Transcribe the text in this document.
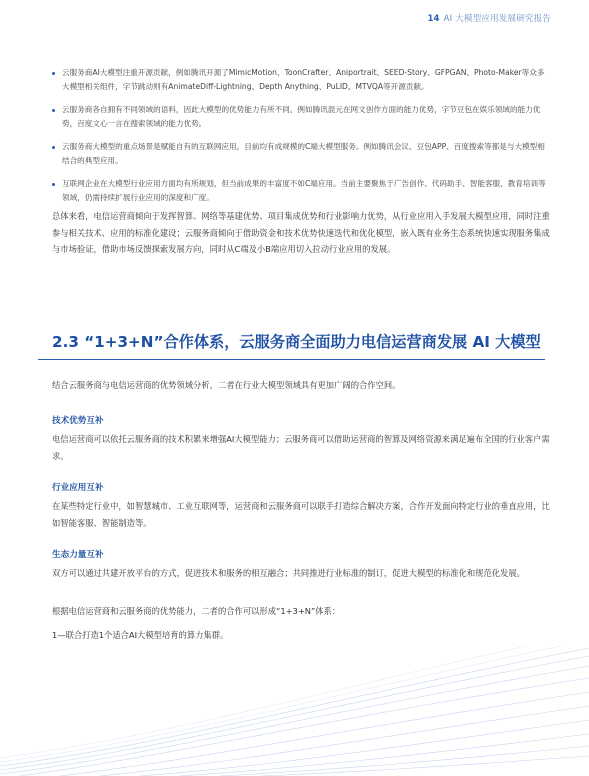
14 AI 大模型应用发展研究报告
云服务商AI大模型注重开源贡献，例如腾讯开源了MimicMotion、ToonCrafter、Aniportrait、SEED-Story、GFPGAN、Photo-Maker等众多大模型相关组件，字节跳动则有AnimateDiff-Lightning、Depth Anything、PuLID、MTVQA等开源贡献。
云服务商各自拥有不同领域的语料，因此大模型的优势能力有所不同。例如腾讯混元在网文创作方面的能力优势，字节豆包在娱乐领域的能力优势，百度文心一言在搜索领域的能力优势。
云服务商大模型的重点场景是赋能自有的互联网应用，目前均有成规模的C端大模型服务。例如腾讯会议、豆包APP、百度搜索等都是与大模型相结合的典型应用。
互联网企业在大模型行业应用方面均有所规划，但当前成果的丰富度不如C端应用。当前主要聚焦于广告创作、代码助手、智能客服、教育培训等领域，仍需持续扩展行业应用的深度和广度。
总体来看，电信运营商倾向于发挥智算、网络等基建优势、项目集成优势和行业影响力优势，从行业应用入手发展大模型应用，同时注重参与相关技术、应用的标准化建设；云服务商倾向于借助资金和技术优势快速迭代和优化模型，嵌入既有业务生态系统快速实现服务集成与市场验证，借助市场反馈探索发展方向，同时从C端及小B端应用切入拉动行业应用的发展。
2.3 “1+3+N”合作体系，云服务商全面助力电信运营商发展 AI 大模型
结合云服务商与电信运营商的优势领域分析，二者在行业大模型领域具有更加广阔的合作空间。
技术优势互补
电信运营商可以依托云服务商的技术积累来增强AI大模型能力；云服务商可以借助运营商的智算及网络资源来满足遍布全国的行业客户需求。
行业应用互补
在某些特定行业中，如智慧城市、工业互联网等，运营商和云服务商可以联手打造综合解决方案，合作开发面向特定行业的垂直应用，比如智能客服、智能制造等。
生态力量互补
双方可以通过共建开放平台的方式，促进技术和服务的相互融合；共同推进行业标准的制订，促进大模型的标准化和规范化发展。
根据电信运营商和云服务商的优势能力，二者的合作可以形成“1+3+N”体系：
1—联合打造1个适合AI大模型培育的算力集群。
